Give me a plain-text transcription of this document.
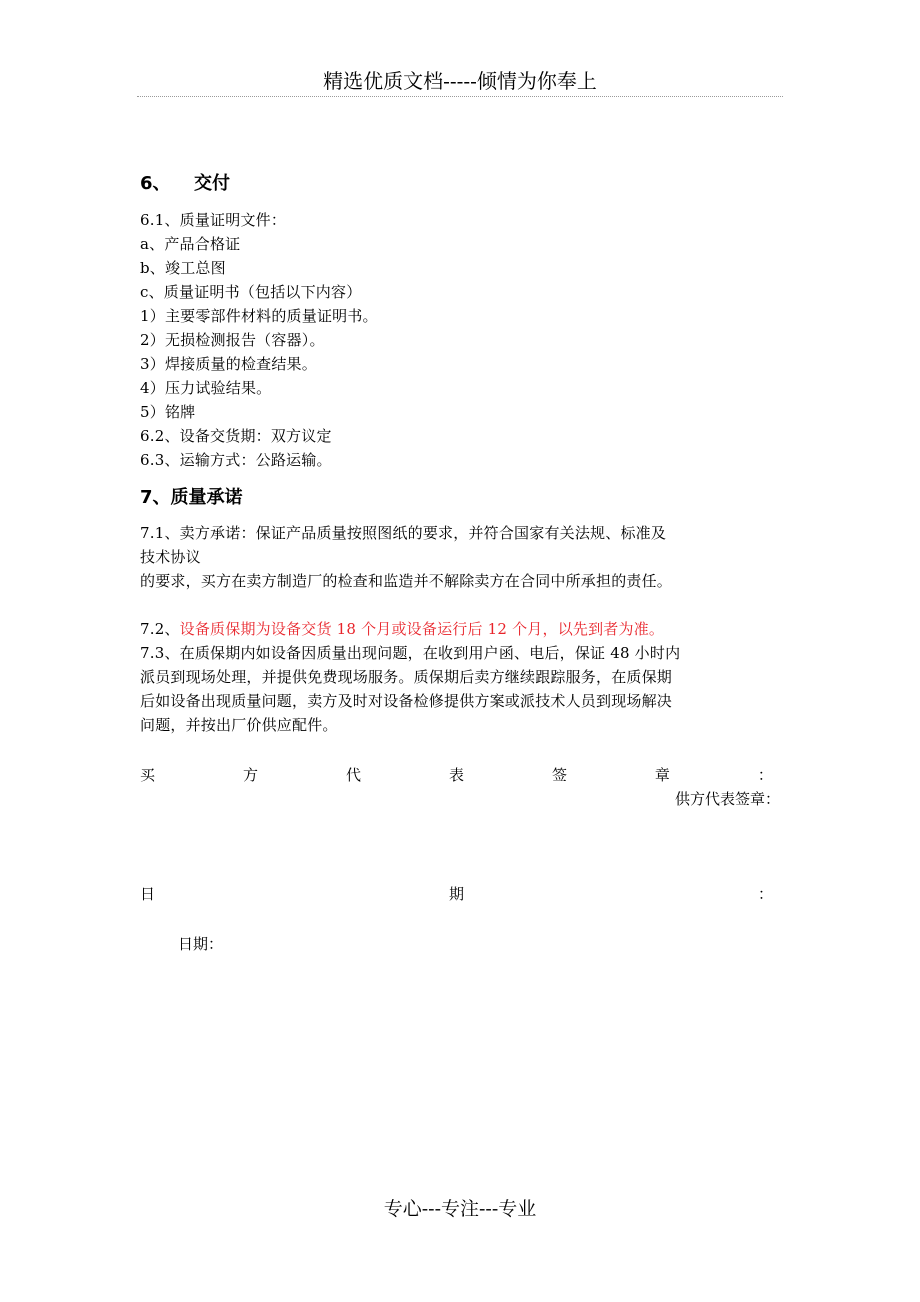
精选优质文档-----倾情为你奉上
6、 交付
6.1、质量证明文件：
a、产品合格证
b、竣工总图
c、质量证明书（包括以下内容）
1）主要零部件材料的质量证明书。
2）无损检测报告（容器）。
3）焊接质量的检查结果。
4）压力试验结果。
5）铭牌
6.2、设备交货期：双方议定
6.3、运输方式：公路运输。
7、质量承诺
7.1、卖方承诺：保证产品质量按照图纸的要求，并符合国家有关法规、标准及
技术协议
的要求，买方在卖方制造厂的检查和监造并不解除卖方在合同中所承担的责任。
7.2、设备质保期为设备交货 18 个月或设备运行后 12 个月，以先到者为准。
7.3、在质保期内如设备因质量出现问题，在收到用户函、电后，保证 48 小时内
派员到现场处理，并提供免费现场服务。质保期后卖方继续跟踪服务，在质保期
后如设备出现质量问题，卖方及时对设备检修提供方案或派技术人员到现场解决
问题，并按出厂价供应配件。
买	方	代	表	签	章	：
供方代表签章：
日	期	：
日期：
专心---专注---专业
